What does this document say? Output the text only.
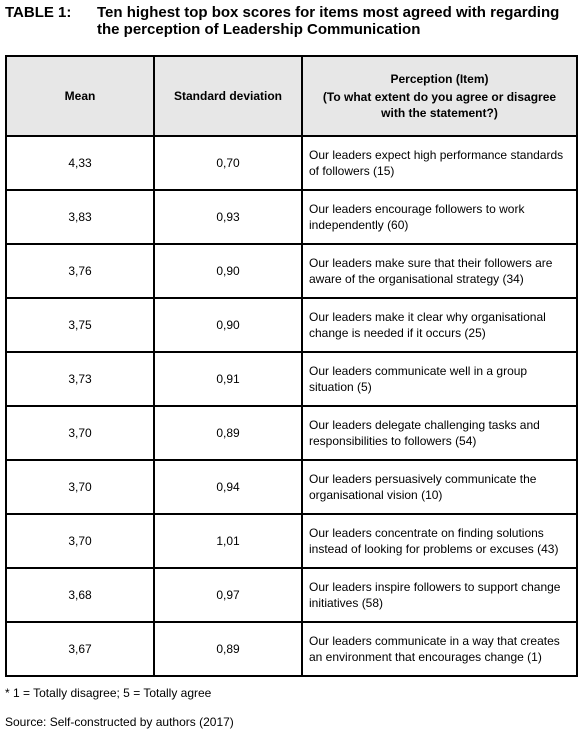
TABLE 1:	Ten highest top box scores for items most agreed with regarding the perception of Leadership Communication
Mean	Standard deviation	Perception (Item)
(To what extent do you agree or disagree with the statement?)

4,33	0,70	Our leaders expect high performance standards of followers (15)
3,83	0,93	Our leaders encourage followers to work independently (60)
3,76	0,90	Our leaders make sure that their followers are aware of the organisational strategy (34)
3,75	0,90	Our leaders make it clear why organisational change is needed if it occurs (25)
3,73	0,91	Our leaders communicate well in a group situation (5)
3,70	0,89	Our leaders delegate challenging tasks and responsibilities to followers (54)
3,70	0,94	Our leaders persuasively communicate the organisational vision (10)
3,70	1,01	Our leaders concentrate on finding solutions instead of looking for problems or excuses (43)
3,68	0,97	Our leaders inspire followers to support change initiatives (58)
3,67	0,89	Our leaders communicate in a way that creates an environment that encourages change (1)
* 1 = Totally disagree; 5 = Totally agree
Source: Self-constructed by authors (2017)
